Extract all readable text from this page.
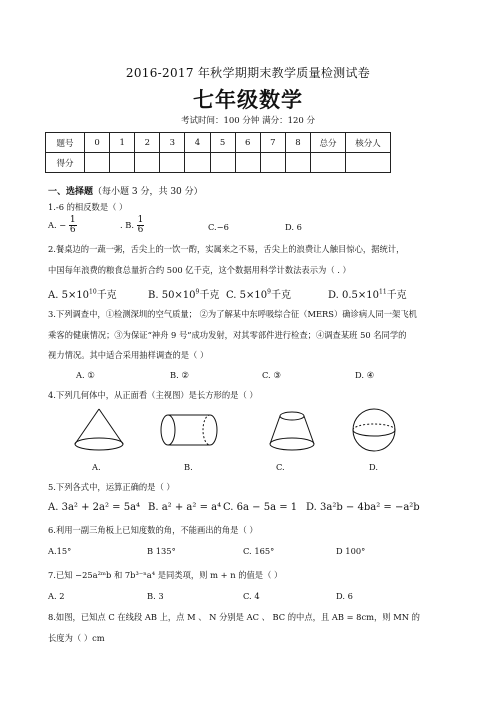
2016-2017 年秋学期期末教学质量检测试卷
七年级数学
考试时间：100 分钟 满分：120 分
题号	0	1	2	3	4	5	6	7	8	总分	核分人
得分											
一、选择题（每小题 3 分，共 30 分）
1.-6 的相反数是（ ）
A. − $\frac{1}{6}$	. B. $\frac{1}{6}$	C.−6	D. 6
2.餐桌边的一蔬一粥，舌尖上的一饮一酌，实属来之不易，舌尖上的浪费让人触目惊心，据统计，
中国每年浪费的粮食总量折合约 500 亿千克，这个数据用科学计数法表示为（ . ）
A. $5\times 10^{10}$千克	B. $50\times 10^9$千克 C. $5\times 10^9$千克	D. $0.5\times 10^{11}$千克
3.下列调查中，①检测深圳的空气质量； ②为了解某中东呼吸综合征（MERS）确诊病人同一架飞机
乘客的健康情况；③为保证“神舟 9 号”成功发射，对其零部件进行检查；④调查某班 50 名同学的
视力情况。其中适合采用抽样调查的是（ ）
A. ①	B. ②	C. ③	D. ④
4.下列几何体中，从正面看（主视图）是长方形的是（ ）
A.	B.	C.	D.
5.下列各式中，运算正确的是（ ）
A. 3a² + 2a² = 5a⁴ B. a² + a² = a⁴ C. 6a − 5a = 1 D. 3a²b − 4ba² = −a²b
6.利用一副三角板上已知度数的角，不能画出的角是（ ）
A.15°	B 135°	C. 165°	D 100°
7.已知 −25a²ᵐb 和 7b³⁻ⁿa⁴ 是同类项，则 m + n 的值是（ ）
A. 2	B. 3	C. 4	D. 6
8.如图，已知点 C 在线段 AB 上，点 M 、 N 分别是 AC 、 BC 的中点，且 AB = 8cm，则 MN 的
长度为（ ）cm
